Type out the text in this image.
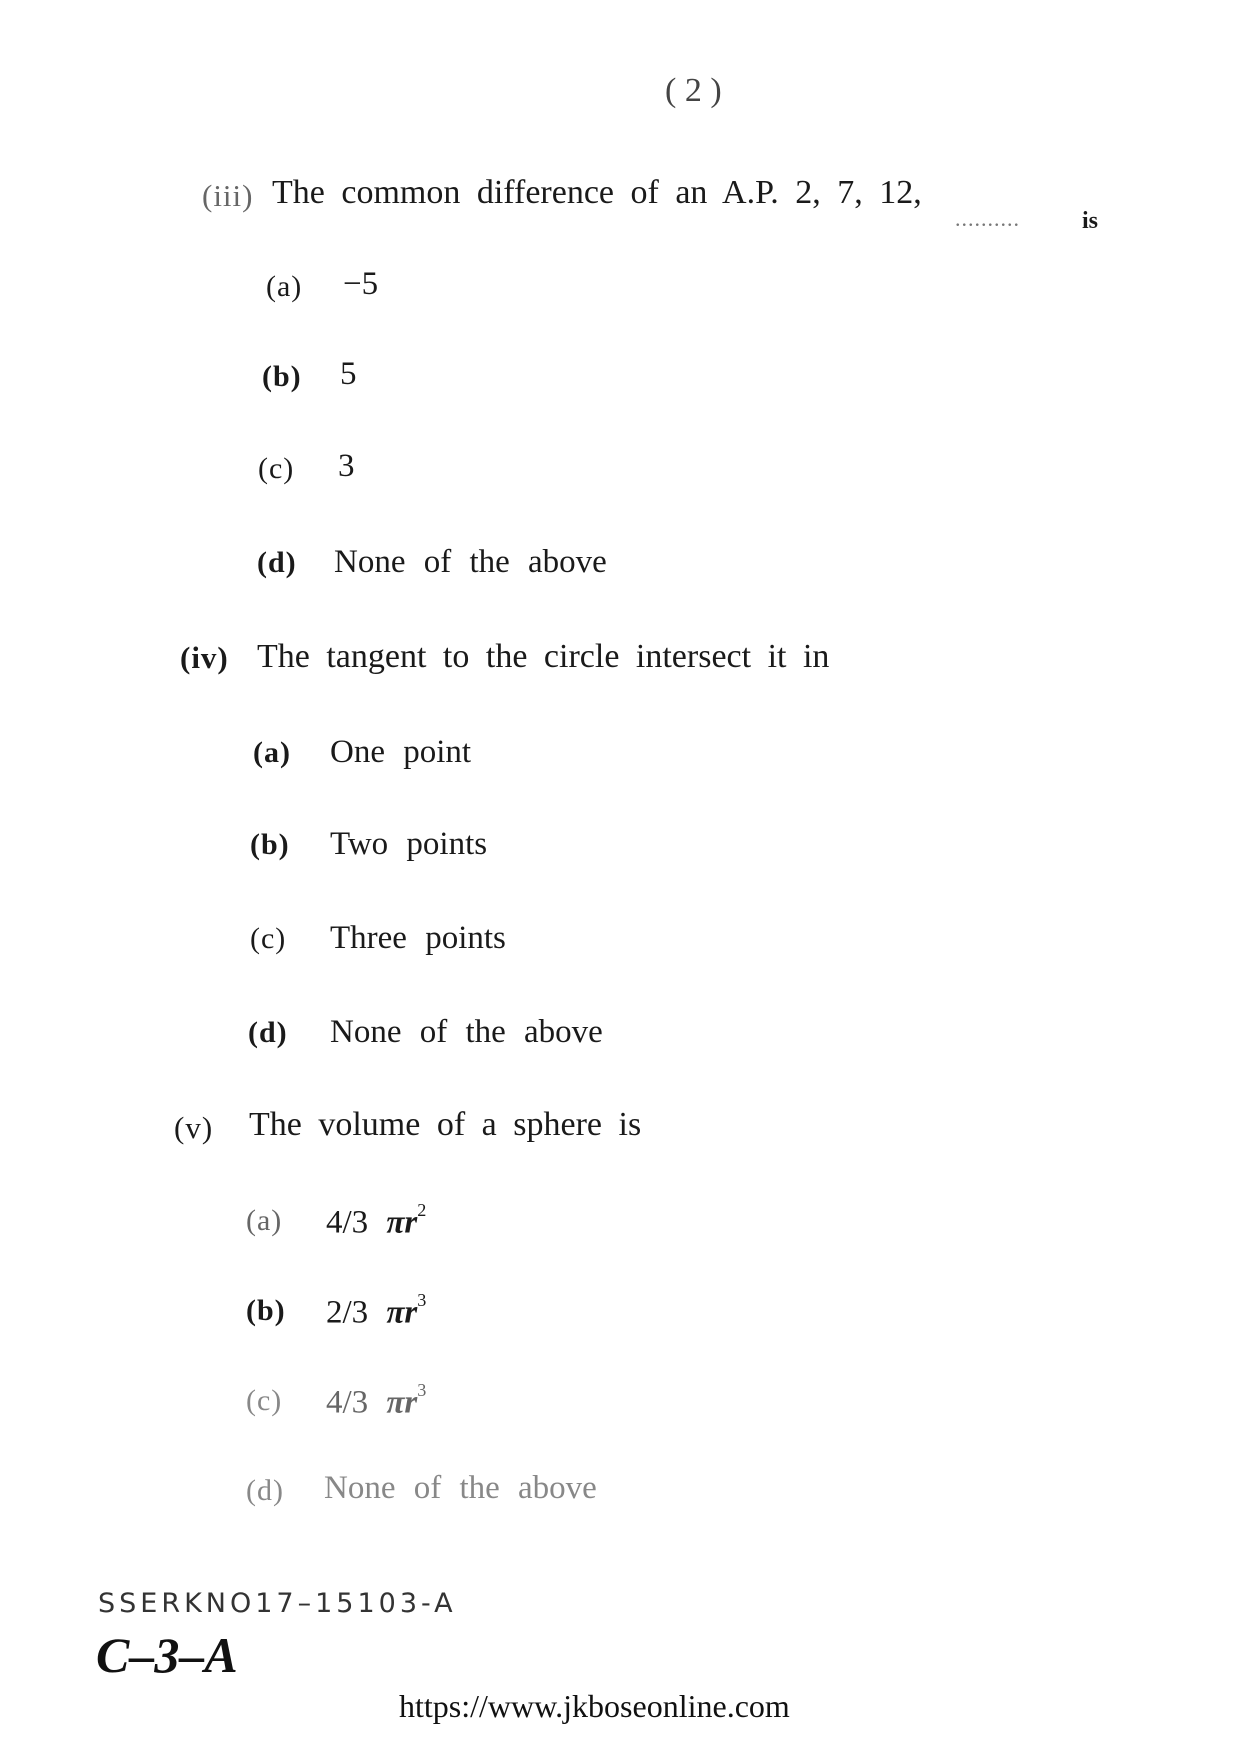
( 2 )
(iii) The common difference of an A.P. 2, 7, 12,
..........	is
(a) −5
(b) 5
(c) 3
(d) None of the above
(iv) The tangent to the circle intersect it in
(a) One point
(b) Two points
(c) Three points
(d) None of the above
(v) The volume of a sphere is
(a) 4/3 $\pi r^2$
(b) 2/3 $\pi r^3$
(c) 4/3 $\pi r^3$
(d) None of the above
SSERKNO17–15103-A
C–3–A
https://www.jkboseonline.com
